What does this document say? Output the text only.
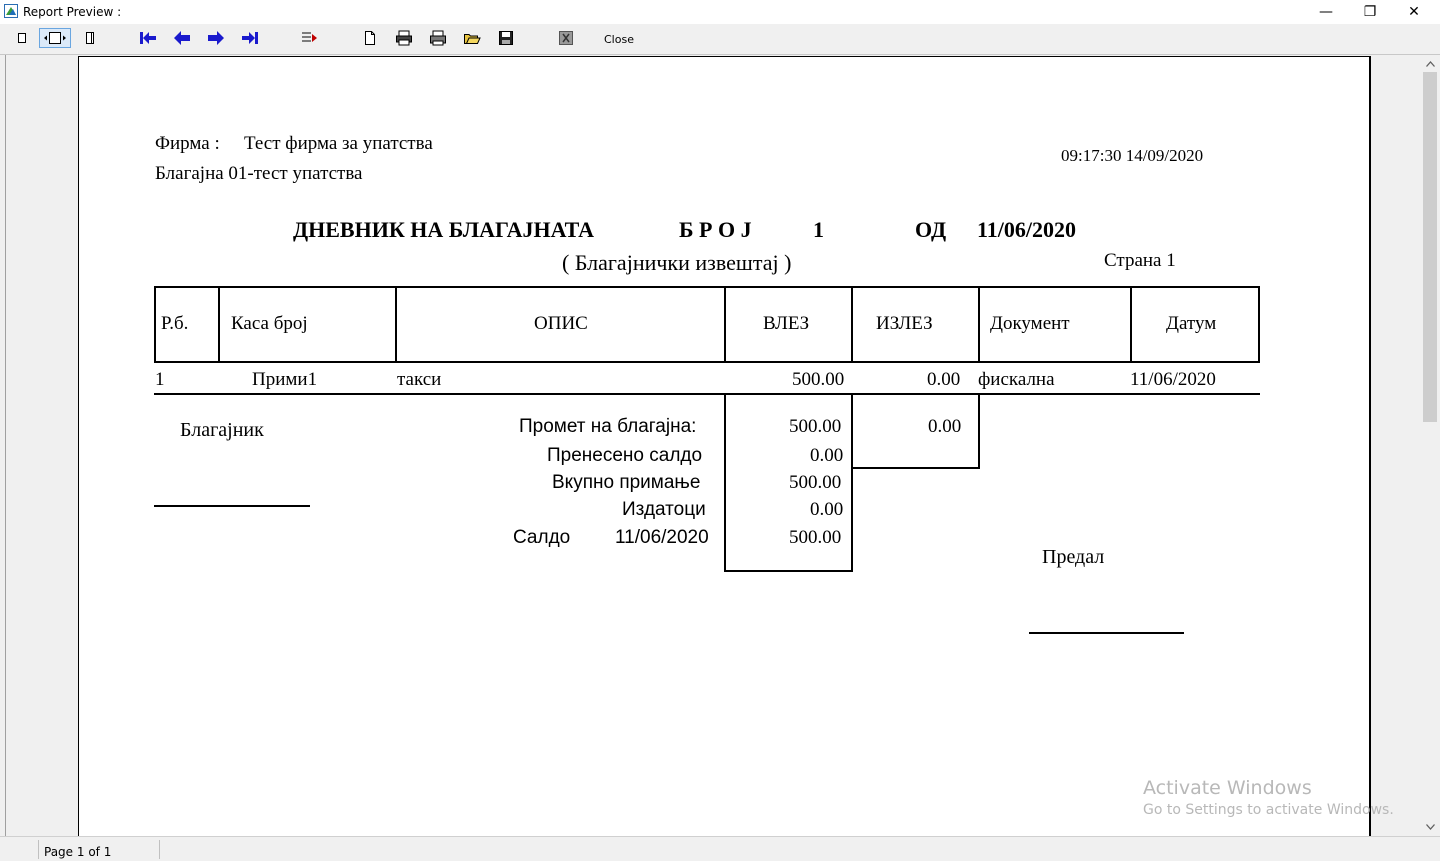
Report Preview :	— ❐ ✕
Close
Фирма : Тест фирма за упатства
Благајна 01-тест упатства
09:17:30 14/09/2020
ДНЕВНИК НА БЛАГАЈНАТА	Б Р О Ј	1	ОД 11/06/2020
( Благајнички извештај )	Страна 1
Р.б. Каса број	ОПИС	ВЛЕЗ	ИЗЛЕЗ	Документ	Датум
1	Прими1	такси	500.00	0.00 фискална	11/06/2020
Благајник	Промет на благајна:	500.00	0.00
Пренесено салдо	0.00
Вкупно примање	500.00
Издатоци	0.00
Салдо 11/06/2020	500.00
Предал
Page 1 of 1
Activate Windows
Go to Settings to activate Windows.
